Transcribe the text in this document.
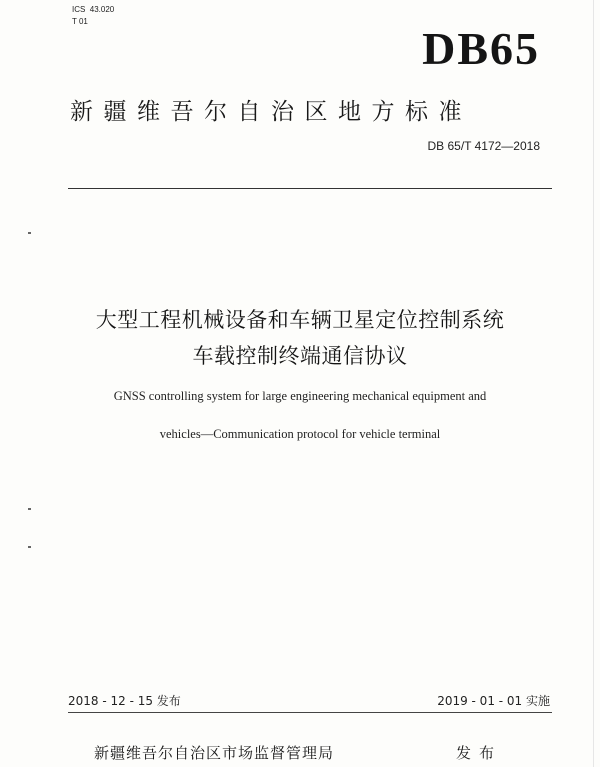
ICS  43.020
T 01
DB65
新疆维吾尔自治区地方标准
DB 65/T 4172—2018
大型工程机械设备和车辆卫星定位控制系统
车载控制终端通信协议
GNSS controlling system for large engineering mechanical equipment and
vehicles—Communication protocol for vehicle terminal
2018 - 12 - 15 发布	2019 - 01 - 01 实施
新疆维吾尔自治区市场监督管理局	发布
